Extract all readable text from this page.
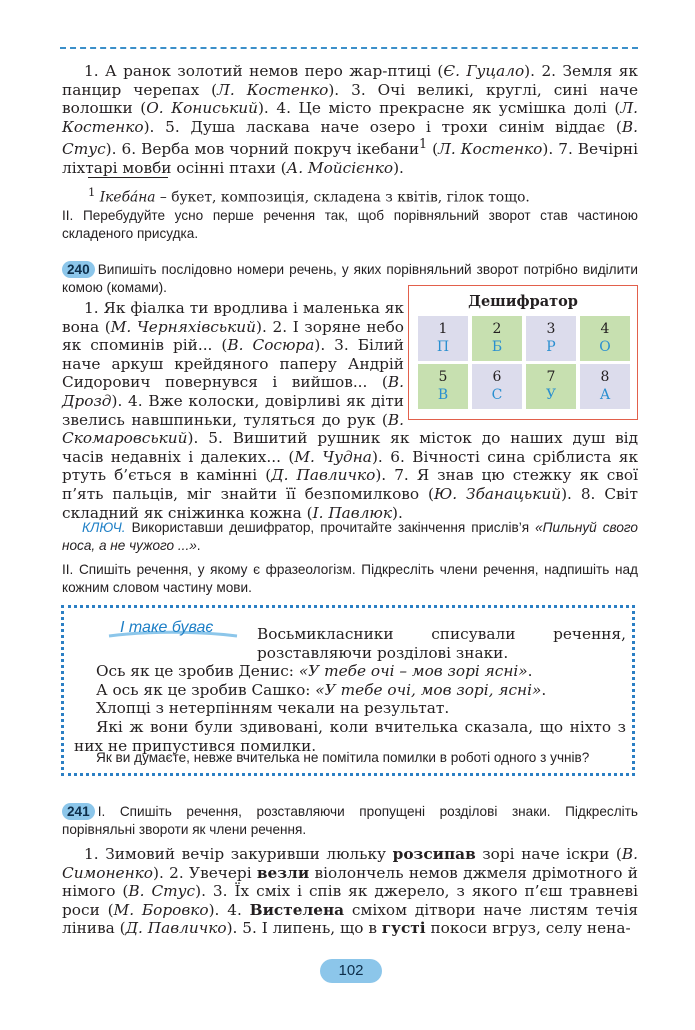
1. А ранок золотий немов перо жар-птиці (Є. Гуцало). 2. Земля як панцир черепах (Л. Костенко). 3. Очі великі, круглі, сині наче волошки (О. Кониський). 4. Це місто прекрасне як усмішка долі (Л. Костенко). 5. Душа ласкава наче озеро і трохи синім віддає (В. Стус). 6. Верба мов чорний покруч ікебани$^1$ (Л. Костенко). 7. Вечірні ліхтарі мовби осінні птахи (А. Мойсієнко).
$^1$ Ікеба́на – букет, композиція, складена з квітів, гілок тощо.
II. Перебудуйте усно перше речення так, щоб порівняльний зворот став частиною складеного присудка.
240 Випишіть послідовно номери речень, у яких порівняльний зворот потрібно виділити комою (комами).
Дешифратор
1
П
2
Б
3
Р
4
О
5
В
6
С
7
У
8
А
1. Як фіалка ти вродлива і маленька як вона (М. Черняхівський). 2. І зоряне небо як споминів рій... (В. Сосюра). 3. Білий наче аркуш крейдяного паперу Андрій Сидорович повернувся і вийшов... (В. Дрозд). 4. Вже колоски, довірливі як діти звелись навшпиньки, туляться до рук (В. Скомаровський). 5. Вишитий рушник як місток до наших душ від часів недавніх і далеких... (М. Чудна). 6. Вічності сина сріблиста як ртуть б’ється в камінні (Д. Павличко). 7. Я знав цю стежку як свої п’ять пальців, міг знайти її безпомилково (Ю. Збанацький). 8. Світ складний як сніжинка кожна (І. Павлюк).
КЛЮЧ. Використавши дешифратор, прочитайте закінчення прислів’я «Пильнуй свого носа, а не чужого ...».
II. Спишіть речення, у якому є фразеологізм. Підкресліть члени речення, надпишіть над кожним словом частину мови.
І таке буває	Восьмикласники списували речення, розставляючи розділові знаки.
Ось як це зробив Денис: «У тебе очі – мов зорі ясні».
А ось як це зробив Сашко: «У тебе очі, мов зорі, ясні».
Хлопці з нетерпінням чекали на результат.
Які ж вони були здивовані, коли вчителька сказала, що ніхто з них не припустився помилки.
Як ви думаєте, невже вчителька не помітила помилки в роботі одного з учнів?
241 I. Спишіть речення, розставляючи пропущені розділові знаки. Підкресліть порівняльні звороти як члени речення.
1. Зимовий вечір закуривши люльку розсипав зорі наче іскри (В. Симоненко). 2. Увечері везли віолончель немов джмеля дрімотного й німого (В. Стус). 3. Їх сміх і спів як джерело, з якого п’єш травневі роси (М. Боровко). 4. Вистелена сміхом дітвори наче листям течія лінива (Д. Павличко). 5. І липень, що в густі покоси вгруз, селу нена-
102
